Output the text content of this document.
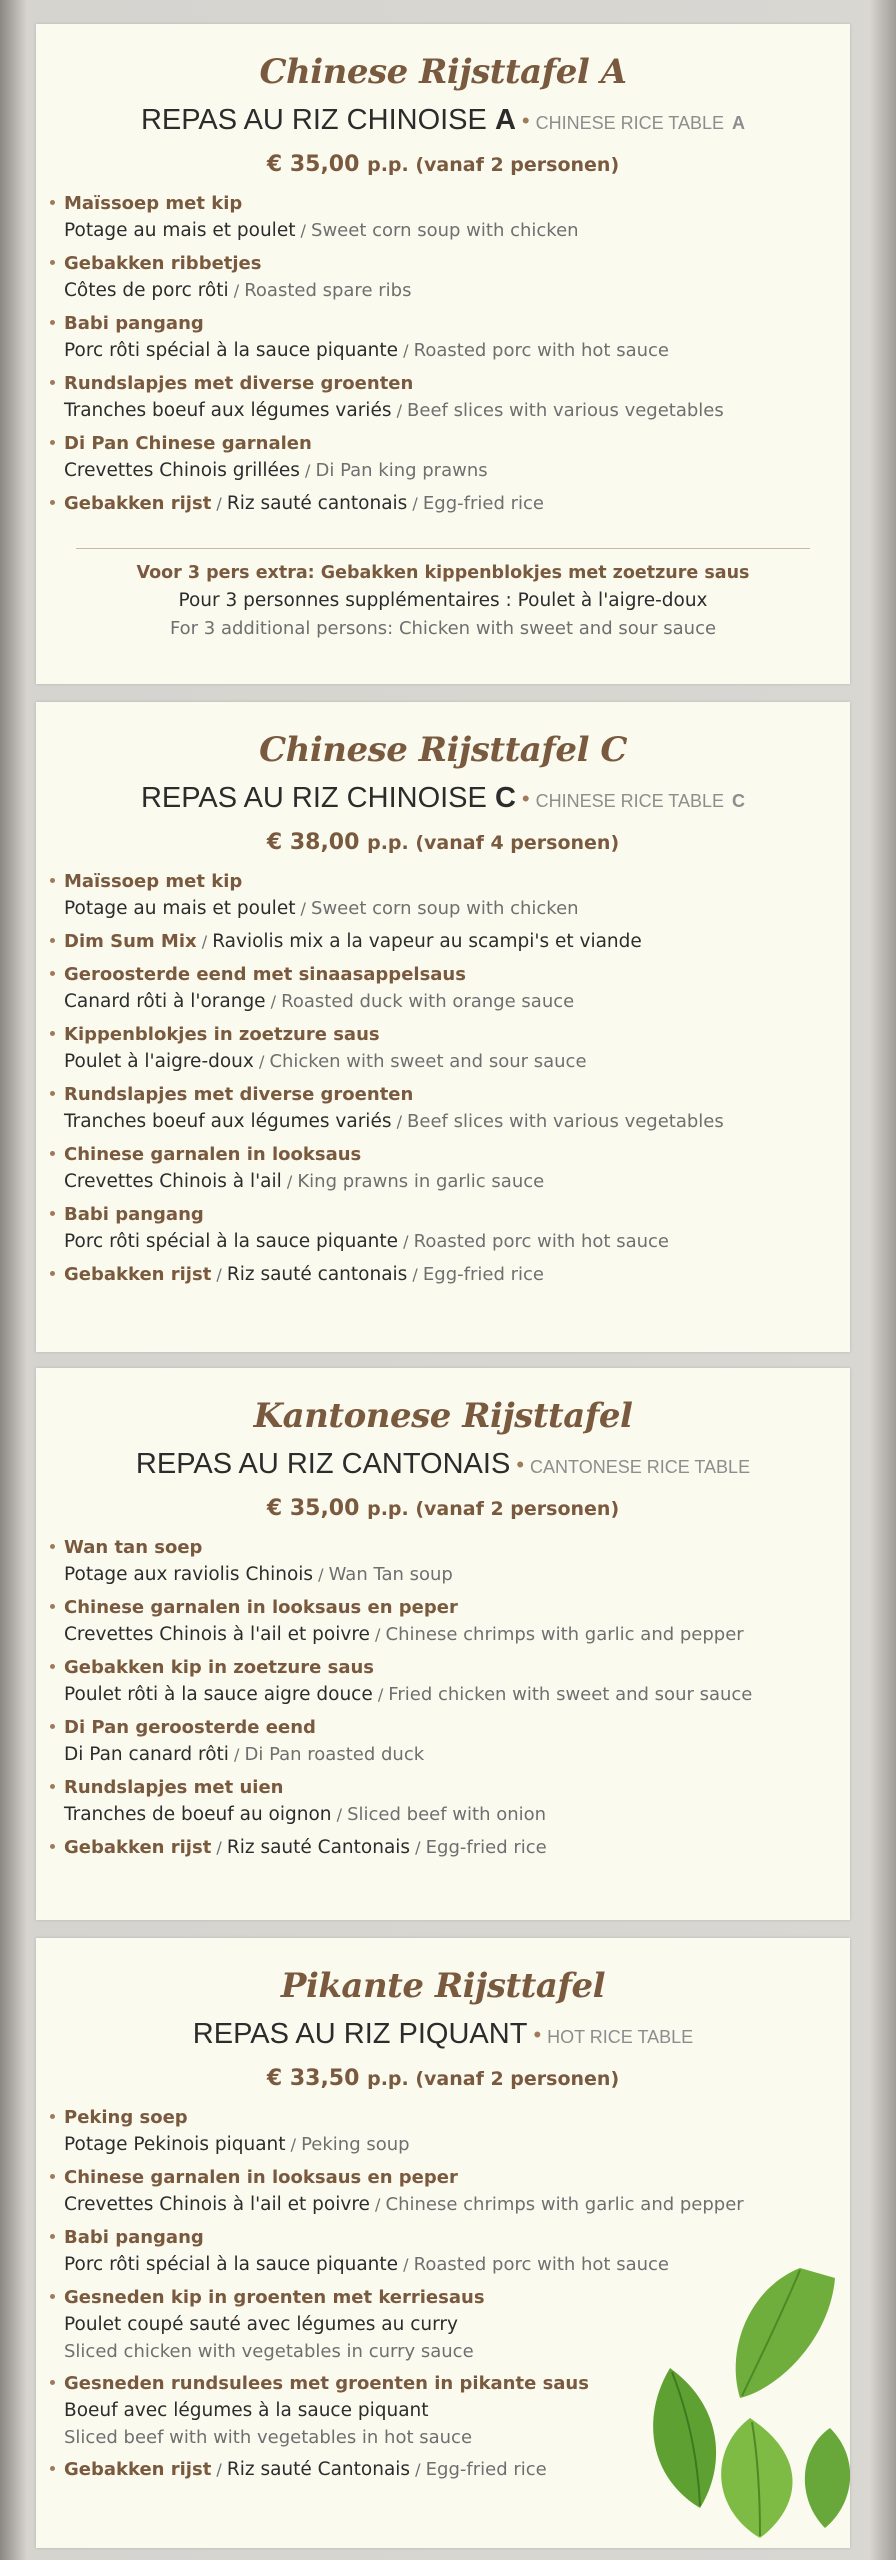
Chinese Rijsttafel A
REPAS AU RIZ CHINOISE A • CHINESE RICE TABLE A
€ 35,00 p.p. (vanaf 2 personen)
Maïssoep met kip
Potage au mais et poulet / Sweet corn soup with chicken
Gebakken ribbetjes
Côtes de porc rôti / Roasted spare ribs
Babi pangang
Porc rôti spécial à la sauce piquante / Roasted porc with hot sauce
Rundslapjes met diverse groenten
Tranches boeuf aux légumes variés / Beef slices with various vegetables
Di Pan Chinese garnalen
Crevettes Chinois grillées / Di Pan king prawns
Gebakken rijst / Riz sauté cantonais / Egg-fried rice
Voor 3 pers extra: Gebakken kippenblokjes met zoetzure saus
Pour 3 personnes supplémentaires : Poulet à l'aigre-doux
For 3 additional persons: Chicken with sweet and sour sauce
Chinese Rijsttafel C
REPAS AU RIZ CHINOISE C • CHINESE RICE TABLE C
€ 38,00 p.p. (vanaf 4 personen)
Maïssoep met kip
Potage au mais et poulet / Sweet corn soup with chicken
Dim Sum Mix / Raviolis mix a la vapeur au scampi's et viande
Geroosterde eend met sinaasappelsaus
Canard rôti à l'orange / Roasted duck with orange sauce
Kippenblokjes in zoetzure saus
Poulet à l'aigre-doux / Chicken with sweet and sour sauce
Rundslapjes met diverse groenten
Tranches boeuf aux légumes variés / Beef slices with various vegetables
Chinese garnalen in looksaus
Crevettes Chinois à l'ail / King prawns in garlic sauce
Babi pangang
Porc rôti spécial à la sauce piquante / Roasted porc with hot sauce
Gebakken rijst / Riz sauté cantonais / Egg-fried rice
Kantonese Rijsttafel
REPAS AU RIZ CANTONAIS • CANTONESE RICE TABLE
€ 35,00 p.p. (vanaf 2 personen)
Wan tan soep
Potage aux raviolis Chinois / Wan Tan soup
Chinese garnalen in looksaus en peper
Crevettes Chinois à l'ail et poivre / Chinese chrimps with garlic and pepper
Gebakken kip in zoetzure saus
Poulet rôti à la sauce aigre douce / Fried chicken with sweet and sour sauce
Di Pan geroosterde eend
Di Pan canard rôti / Di Pan roasted duck
Rundslapjes met uien
Tranches de boeuf au oignon / Sliced beef with onion
Gebakken rijst / Riz sauté Cantonais / Egg-fried rice
Pikante Rijsttafel
REPAS AU RIZ PIQUANT • HOT RICE TABLE
€ 33,50 p.p. (vanaf 2 personen)
Peking soep
Potage Pekinois piquant / Peking soup
Chinese garnalen in looksaus en peper
Crevettes Chinois à l'ail et poivre / Chinese chrimps with garlic and pepper
Babi pangang
Porc rôti spécial à la sauce piquante / Roasted porc with hot sauce
Gesneden kip in groenten met kerriesaus
Poulet coupé sauté avec légumes au curry
Sliced chicken with vegetables in curry sauce
Gesneden rundsulees met groenten in pikante saus
Boeuf avec légumes à la sauce piquant
Sliced beef with with vegetables in hot sauce
Gebakken rijst / Riz sauté Cantonais / Egg-fried rice
